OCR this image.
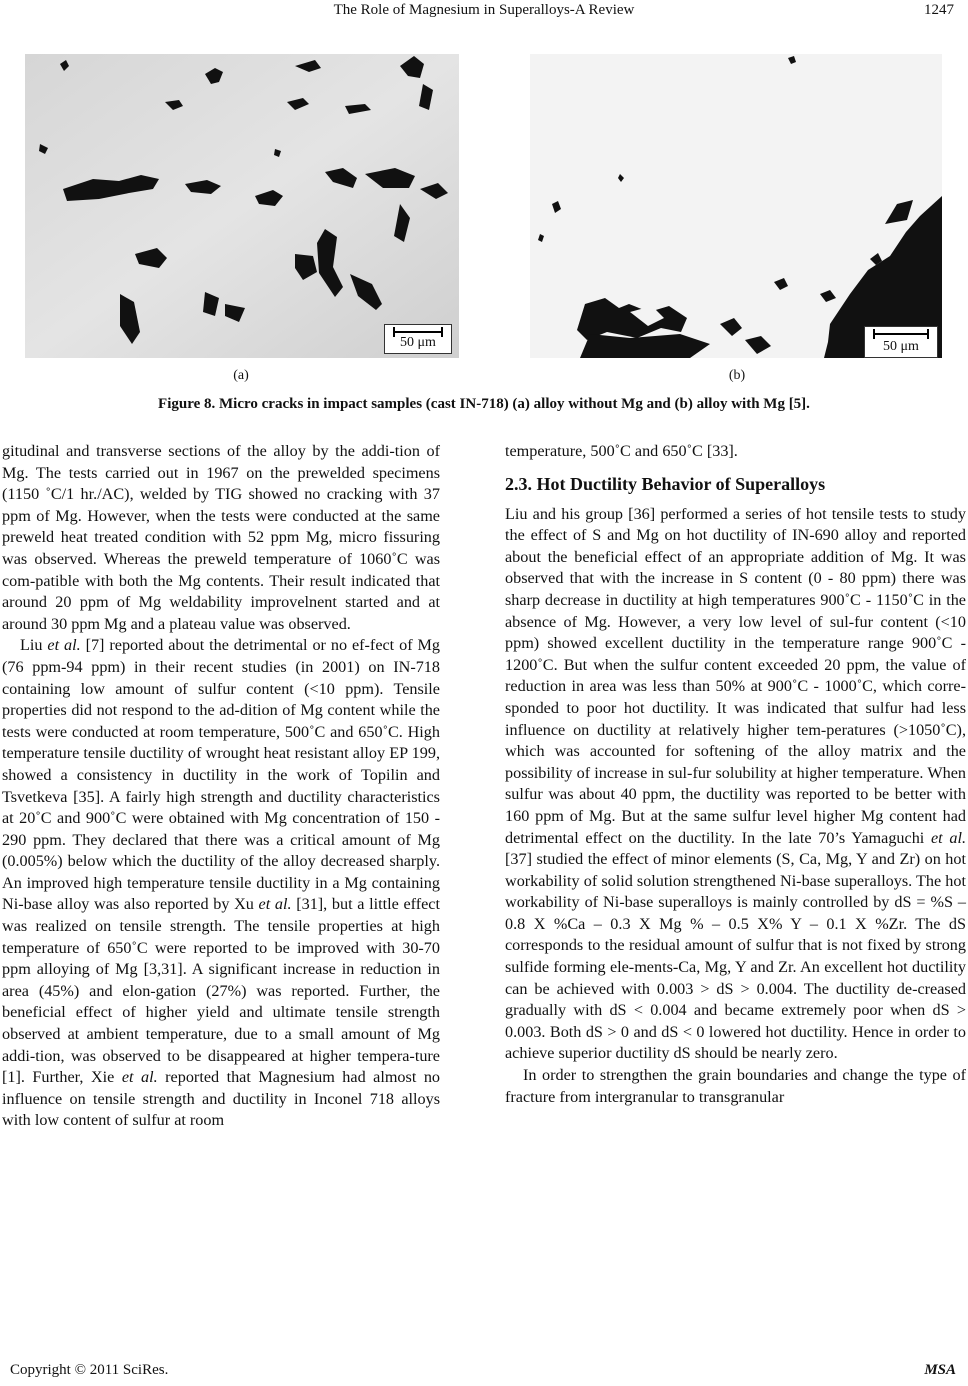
The Role of Magnesium in Superalloys-A Review	1247
50 μm	50 μm
(a)	(b)
Figure 8. Micro cracks in impact samples (cast IN-718) (a) alloy without Mg and (b) alloy with Mg [5].

gitudinal and transverse sections of the alloy by the addi-tion of Mg. The tests carried out in 1967 on the prewelded specimens (1150 ˚C/1 hr./AC), welded by TIG showed no cracking with 37 ppm of Mg. However, when the tests were conducted at the same preweld heat treated condition with 52 ppm Mg, micro fissuring was observed. Whereas the preweld temperature of 1060˚C was com-patible with both the Mg contents. Their result indicated that around 20 ppm of Mg weldability improvelnent started and at around 30 ppm Mg and a plateau value was observed.

Liu et al. [7] reported about the detrimental or no ef-fect of Mg (76 ppm-94 ppm) in their recent studies (in 2001) on IN-718 containing low amount of sulfur content (<10 ppm). Tensile properties did not respond to the ad-dition of Mg content while the tests were conducted at room temperature, 500˚C and 650˚C. High temperature tensile ductility of wrought heat resistant alloy EP 199, showed a consistency in ductility in the work of Topilin and Tsvetkeva [35]. A fairly high strength and ductility characteristics at 20˚C and 900˚C were obtained with Mg concentration of 150 - 290 ppm. They declared that there was a critical amount of Mg (0.005%) below which the ductility of the alloy decreased sharply. An improved high temperature tensile ductility in a Mg containing Ni-base alloy was also reported by Xu et al. [31], but a little effect was realized on tensile strength. The tensile properties at high temperature of 650˚C were reported to be improved with 30-70 ppm alloying of Mg [3,31]. A significant increase in reduction in area (45%) and elon-gation (27%) was reported. Further, the beneficial effect of higher yield and ultimate tensile strength observed at ambient temperature, due to a small amount of Mg addi-tion, was observed to be disappeared at higher tempera-ture [1]. Further, Xie et al. reported that Magnesium had almost no influence on tensile strength and ductility in Inconel 718 alloys with low content of sulfur at room

temperature, 500˚C and 650˚C [33].

2.3. Hot Ductility Behavior of Superalloys

Liu and his group [36] performed a series of hot tensile tests to study the effect of S and Mg on hot ductility of IN-690 alloy and reported about the beneficial effect of an appropriate addition of Mg. It was observed that with the increase in S content (0 - 80 ppm) there was sharp decrease in ductility at high temperatures 900˚C - 1150˚C in the absence of Mg. However, a very low level of sul-fur content (<10 ppm) showed excellent ductility in the temperature range 900˚C - 1200˚C. But when the sulfur content exceeded 20 ppm, the value of reduction in area was less than 50% at 900˚C - 1000˚C, which corre-sponded to poor hot ductility. It was indicated that sulfur had less influence on ductility at relatively higher tem-peratures (>1050˚C), which was accounted for softening of the alloy matrix and the possibility of increase in sul-fur solubility at higher temperature. When sulfur was about 40 ppm, the ductility was reported to be better with 160 ppm of Mg. But at the same sulfur level higher Mg content had detrimental effect on the ductility. In the late 70’s Yamaguchi et al. [37] studied the effect of minor elements (S, Ca, Mg, Y and Zr) on hot workability of solid solution strengthened Ni-base superalloys. The hot workability of Ni-base superalloys is mainly controlled by dS = %S – 0.8 X %Ca – 0.3 X Mg % – 0.5 X% Y – 0.1 X %Zr. The dS corresponds to the residual amount of sulfur that is not fixed by strong sulfide forming ele-ments-Ca, Mg, Y and Zr. An excellent hot ductility can be achieved with 0.003 > dS > 0.004. The ductility de-creased gradually with dS < 0.004 and became extremely poor when dS > 0.003. Both dS > 0 and dS < 0 lowered hot ductility. Hence in order to achieve superior ductility dS should be nearly zero.

In order to strengthen the grain boundaries and change the type of fracture from intergranular to transgranular

Copyright © 2011 SciRes.	MSA
